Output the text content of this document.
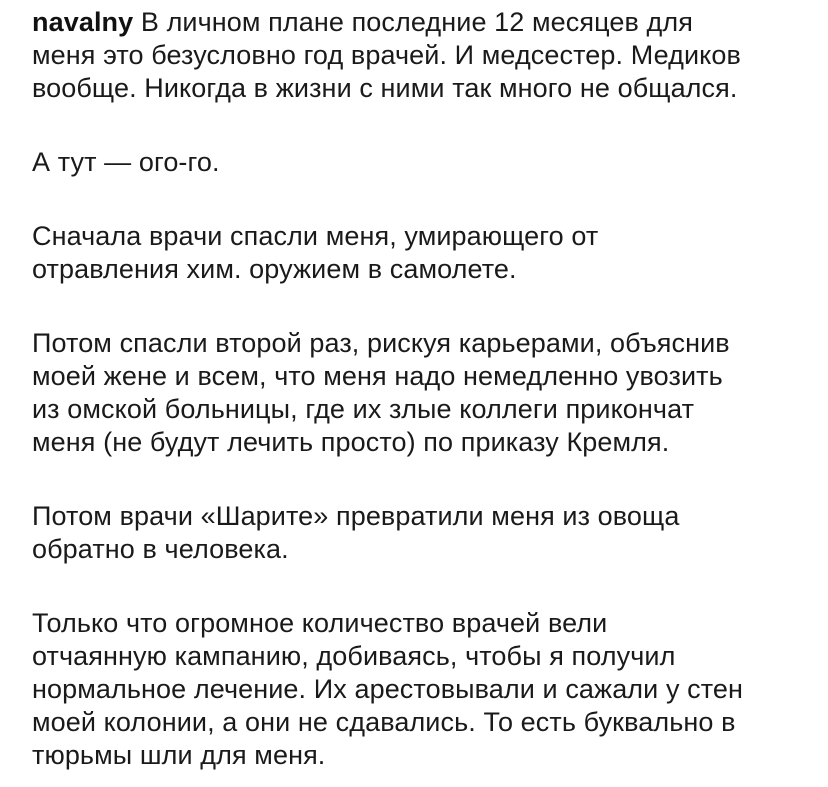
navalny В личном плане последние 12 месяцев для
меня это безусловно год врачей. И медсестер. Медиков
вообще. Никогда в жизни с ними так много не общался.

А тут — ого-го.

Сначала врачи спасли меня, умирающего от
отравления хим. оружием в самолете.

Потом спасли второй раз, рискуя карьерами, объяснив
моей жене и всем, что меня надо немедленно увозить
из омской больницы, где их злые коллеги прикончат
меня (не будут лечить просто) по приказу Кремля.

Потом врачи «Шарите» превратили меня из овоща
обратно в человека.

Только что огромное количество врачей вели
отчаянную кампанию, добиваясь, чтобы я получил
нормальное лечение. Их арестовывали и сажали у стен
моей колонии, а они не сдавались. То есть буквально в
тюрьмы шли для меня.
